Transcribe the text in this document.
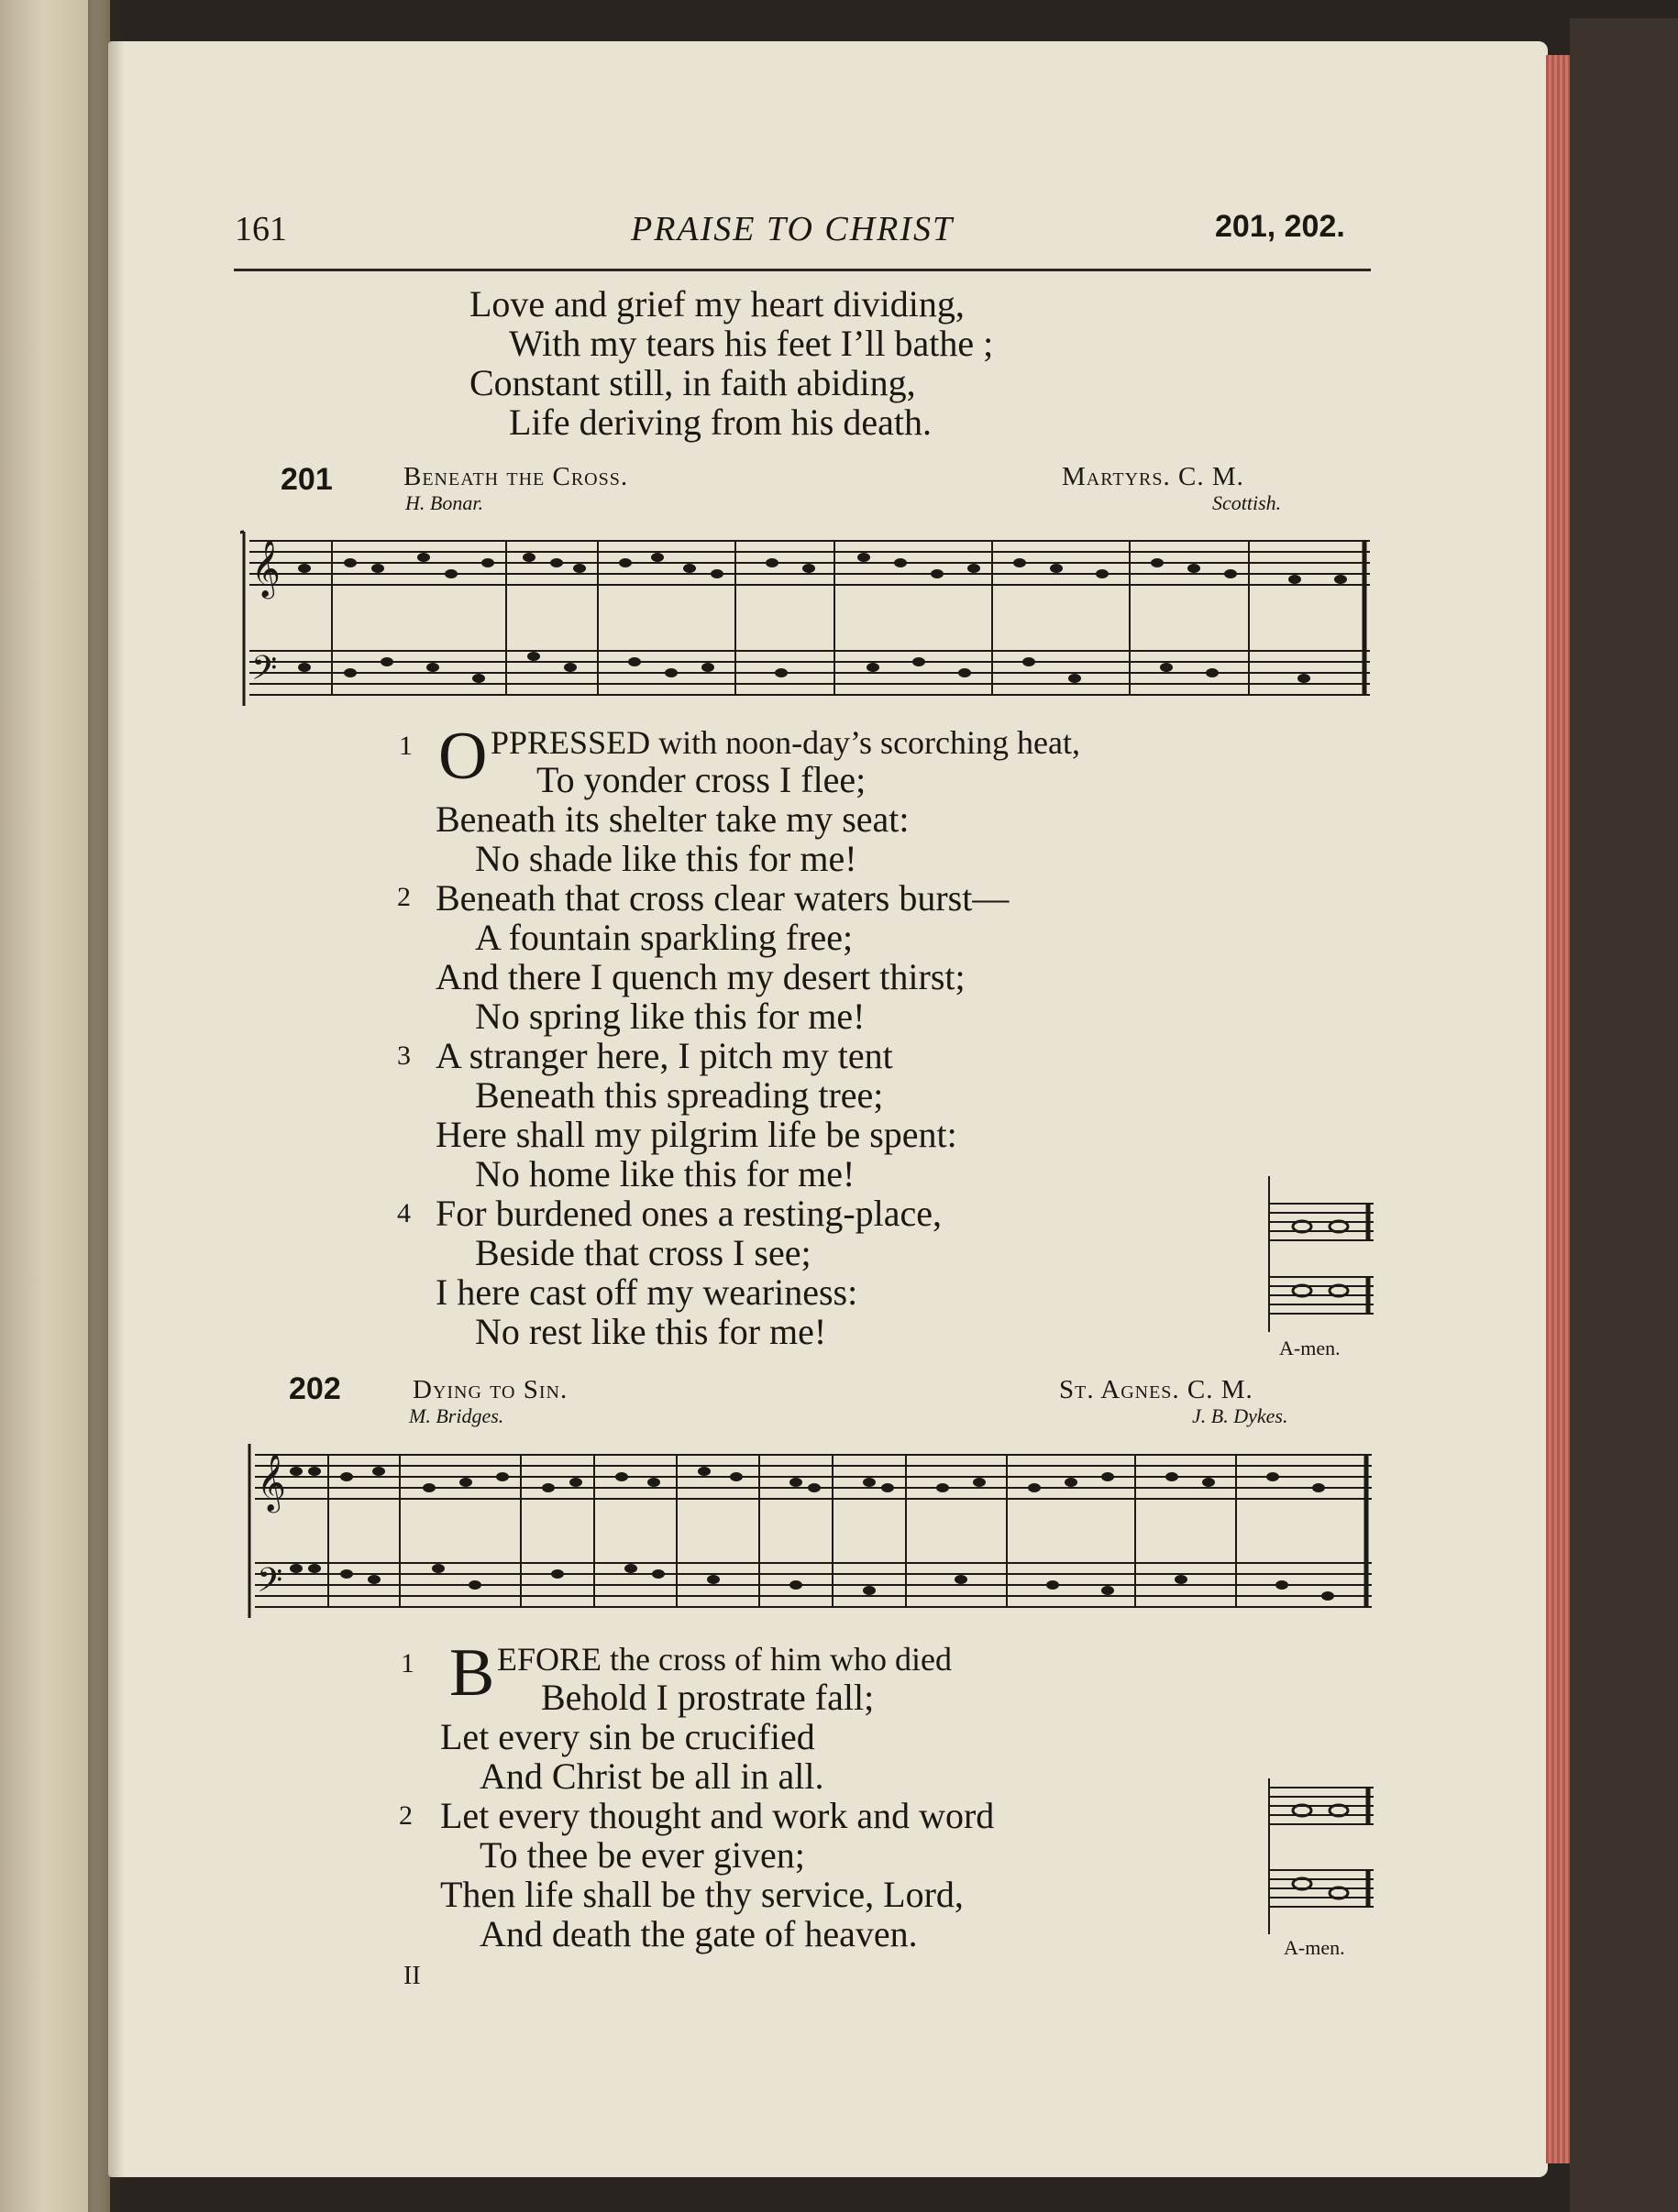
161	PRAISE TO CHRIST	201, 202.
Love and grief my heart dividing,
With my tears his feet I’ll bathe ;
Constant still, in faith abiding,
Life deriving from his death.
201	Beneath the Cross.	Martyrs. C. M.
H. Bonar.	Scottish.
𝄞
𝄢
1 O PPRESSED with noon-day’s scorching heat,
To yonder cross I flee;
Beneath its shelter take my seat:
No shade like this for me!
2 Beneath that cross clear waters burst—
A fountain sparkling free;
And there I quench my desert thirst;
No spring like this for me!
3 A stranger here, I pitch my tent
Beneath this spreading tree;
Here shall my pilgrim life be spent:
No home like this for me!
4 For burdened ones a resting-place,
Beside that cross I see;
I here cast off my weariness:
No rest like this for me!	A-men.
202	Dying to Sin.	St. Agnes. C. M.
M. Bridges.	J. B. Dykes.
𝄞
𝄢
1 B EFORE the cross of him who died
Behold I prostrate fall;
Let every sin be crucified
And Christ be all in all.
2 Let every thought and work and word
To thee be ever given;
Then life shall be thy service, Lord,
And death the gate of heaven.	A-men.
II
